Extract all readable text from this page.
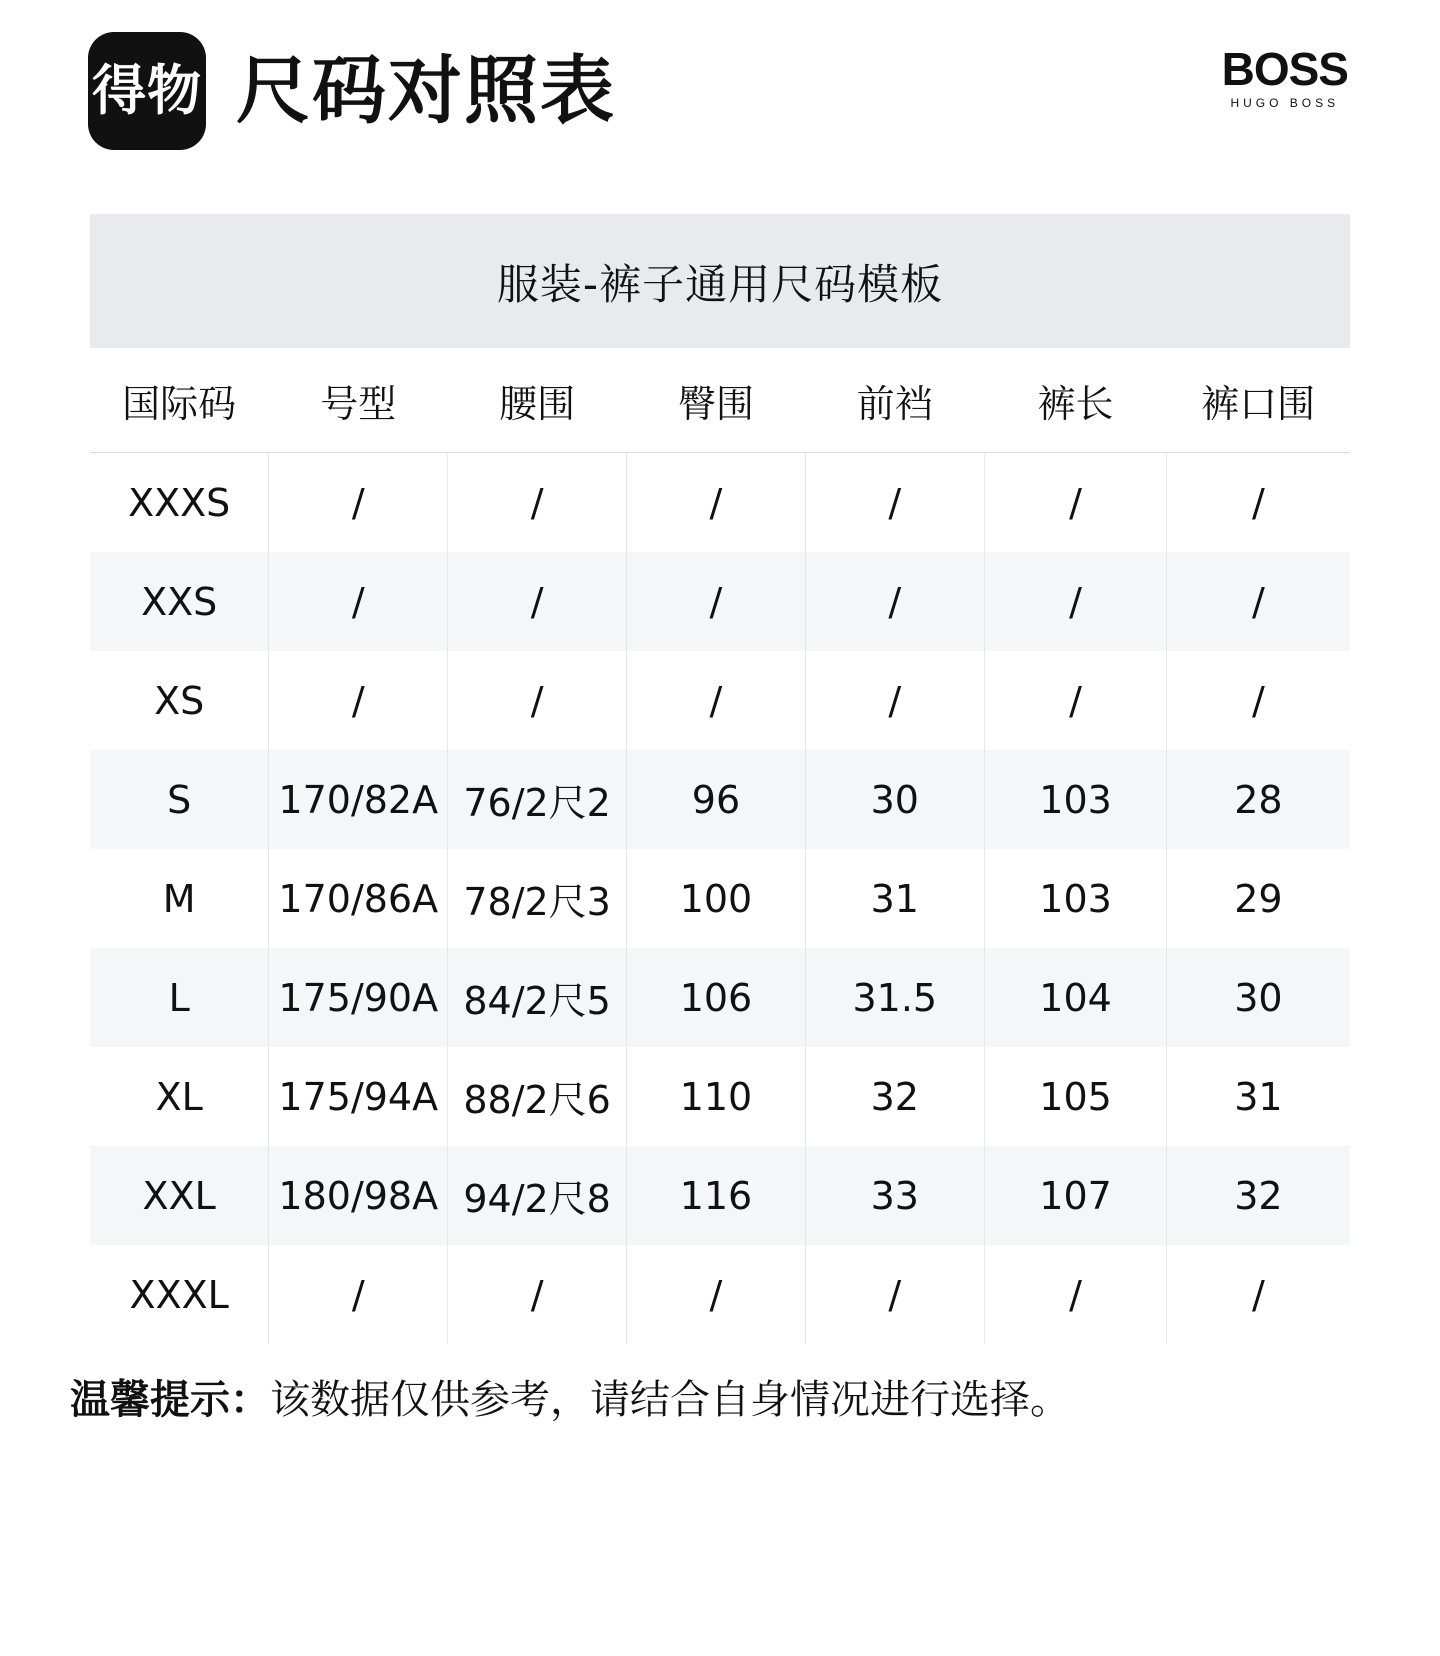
得物 尺码对照表	BOSS
HUGO BOSS
服装-裤子通用尺码模板
国际码	号型	腰围	臀围	前裆	裤长	裤口围
XXXS	/	/	/	/	/	/
XXS	/	/	/	/	/	/
XS	/	/	/	/	/	/
S	170/82A	76/2尺2	96	30	103	28
M	170/86A	78/2尺3	100	31	103	29
L	175/90A	84/2尺5	106	31.5	104	30
XL	175/94A	88/2尺6	110	32	105	31
XXL	180/98A	94/2尺8	116	33	107	32
XXXL	/	/	/	/	/	/
温馨提示：该数据仅供参考，请结合自身情况进行选择。
